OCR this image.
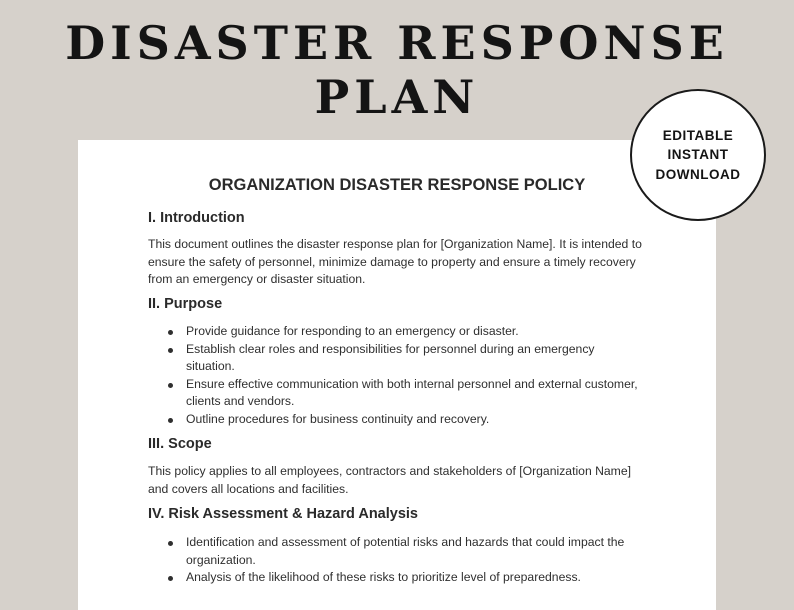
DISASTER RESPONSE
PLAN
ORGANIZATION DISASTER RESPONSE POLICY
I. Introduction
This document outlines the disaster response plan for [Organization Name]. It is intended to ensure the safety of personnel, minimize damage to property and ensure a timely recovery from an emergency or disaster situation.
II. Purpose
Provide guidance for responding to an emergency or disaster.
Establish clear roles and responsibilities for personnel during an emergency situation.
Ensure effective communication with both internal personnel and external customer, clients and vendors.
Outline procedures for business continuity and recovery.
III. Scope
This policy applies to all employees, contractors and stakeholders of [Organization Name] and covers all locations and facilities.
IV. Risk Assessment & Hazard Analysis
Identification and assessment of potential risks and hazards that could impact the organization.
Analysis of the likelihood of these risks to prioritize level of preparedness.
EDITABLE
INSTANT
DOWNLOAD
